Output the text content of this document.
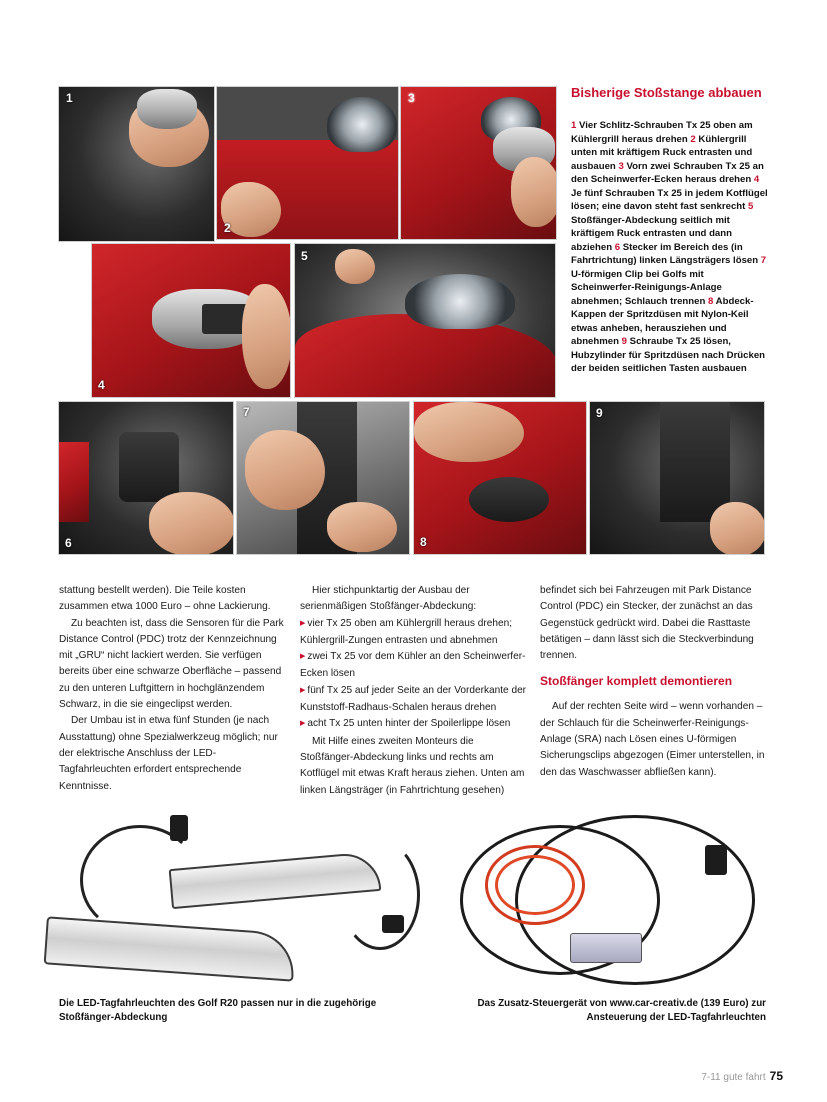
1
2
3
4
5
6
7
8
9
Bisherige Stoßstange abbauen
1 Vier Schlitz-Schrauben Tx 25 oben am Kühlergrill heraus drehen 2 Kühlergrill unten mit kräftigem Ruck entrasten und ausbauen 3 Vorn zwei Schrauben Tx 25 an den Scheinwerfer-Ecken heraus drehen 4 Je fünf Schrauben Tx 25 in jedem Kotflügel lösen; eine davon steht fast senkrecht 5 Stoßfänger-Abdeckung seitlich mit kräftigem Ruck entrasten und dann abziehen 6 Stecker im Bereich des (in Fahrtrichtung) linken Längsträgers lösen 7 U-förmigen Clip bei Golfs mit Scheinwerfer-Reinigungs-Anlage abnehmen; Schlauch trennen 8 Abdeck-Kappen der Spritzdüsen mit Nylon-Keil etwas anheben, herausziehen und abnehmen 9 Schraube Tx 25 lösen, Hubzylinder für Spritzdüsen nach Drücken der beiden seitlichen Tasten ausbauen

stattung bestellt werden). Die Teile kosten zusammen etwa 1000 Euro – ohne Lackierung.

Zu beachten ist, dass die Sensoren für die Park Distance Control (PDC) trotz der Kennzeichnung mit „GRU“ nicht lackiert werden. Sie verfügen bereits über eine schwarze Oberfläche – passend zu den unteren Luftgittern in hochglänzendem Schwarz, in die sie eingeclipst werden.

Der Umbau ist in etwa fünf Stunden (je nach Ausstattung) ohne Spezialwerkzeug möglich; nur der elektrische Anschluss der LED-Tagfahrleuchten erfordert entsprechende Kenntnisse.

Hier stichpunktartig der Ausbau der serienmäßigen Stoßfänger-Abdeckung:

▶ vier Tx 25 oben am Kühlergrill heraus drehen; Kühlergrill-Zungen entrasten und abnehmen

▶ zwei Tx 25 vor dem Kühler an den Scheinwerfer-Ecken lösen

▶ fünf Tx 25 auf jeder Seite an der Vorderkante der Kunststoff-Radhaus-Schalen heraus drehen

▶ acht Tx 25 unten hinter der Spoilerlippe lösen

Mit Hilfe eines zweiten Monteurs die Stoßfänger-Abdeckung links und rechts am Kotflügel mit etwas Kraft heraus ziehen. Unten am linken Längsträger (in Fahrtrichtung gesehen)

befindet sich bei Fahrzeugen mit Park Distance Control (PDC) ein Stecker, der zunächst an das Gegenstück gedrückt wird. Dabei die Rasttaste betätigen – dann lässt sich die Steckverbindung trennen.

Stoßfänger komplett demontieren

Auf der rechten Seite wird – wenn vorhanden – der Schlauch für die Scheinwerfer-Reinigungs-Anlage (SRA) nach Lösen eines U-förmigen Sicherungsclips abgezogen (Eimer unterstellen, in den das Waschwasser abfließen kann).

Die LED-Tagfahrleuchten des Golf R20 passen nur in die zugehörige Stoßfänger-Abdeckung
Das Zusatz-Steuergerät von www.car-creativ.de (139 Euro) zur Ansteuerung der LED-Tagfahrleuchten
7-11 gute fahrt 75
